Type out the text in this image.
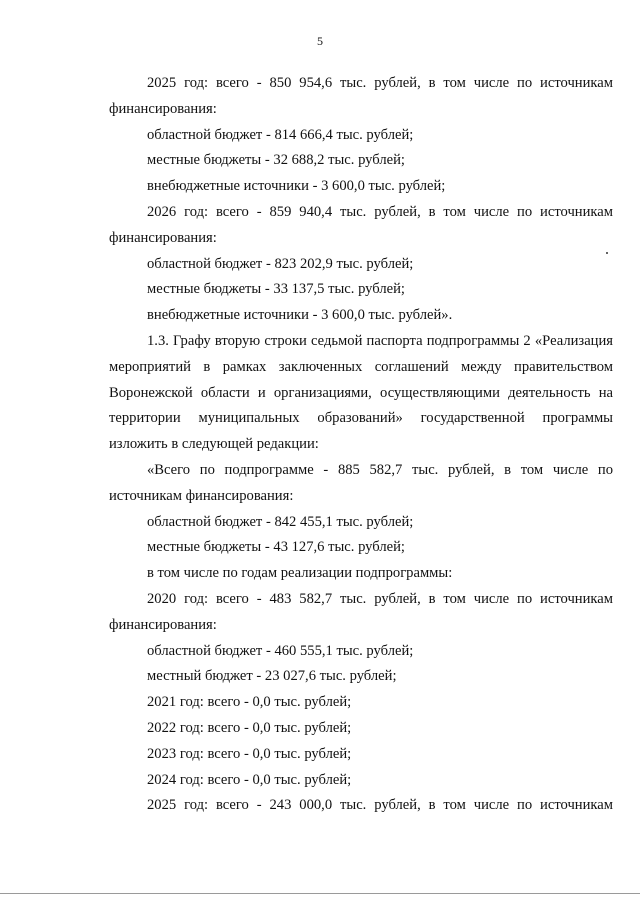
5

2025 год: всего - 850 954,6 тыс. рублей, в том числе по источникам финансирования:

областной бюджет - 814 666,4 тыс. рублей;

местные бюджеты - 32 688,2 тыс. рублей;

внебюджетные источники - 3 600,0 тыс. рублей;

2026 год: всего - 859 940,4 тыс. рублей, в том числе по источникам финансирования:

областной бюджет - 823 202,9 тыс. рублей;

местные бюджеты - 33 137,5 тыс. рублей;

внебюджетные источники - 3 600,0 тыс. рублей».

1.3. Графу вторую строки седьмой паспорта подпрограммы 2 «Реализация мероприятий в рамках заключенных соглашений между правительством Воронежской области и организациями, осуществляющими деятельность на территории муниципальных образований» государственной программы изложить в следующей редакции:

«Всего по подпрограмме - 885 582,7 тыс. рублей, в том числе по источникам финансирования:

областной бюджет - 842 455,1 тыс. рублей;

местные бюджеты - 43 127,6 тыс. рублей;

в том числе по годам реализации подпрограммы:

2020 год: всего - 483 582,7 тыс. рублей, в том числе по источникам финансирования:

областной бюджет - 460 555,1 тыс. рублей;

местный бюджет - 23 027,6 тыс. рублей;

2021 год: всего - 0,0 тыс. рублей;

2022 год: всего - 0,0 тыс. рублей;

2023 год: всего - 0,0 тыс. рублей;

2024 год: всего - 0,0 тыс. рублей;

2025 год: всего - 243 000,0 тыс. рублей, в том числе по источникам
